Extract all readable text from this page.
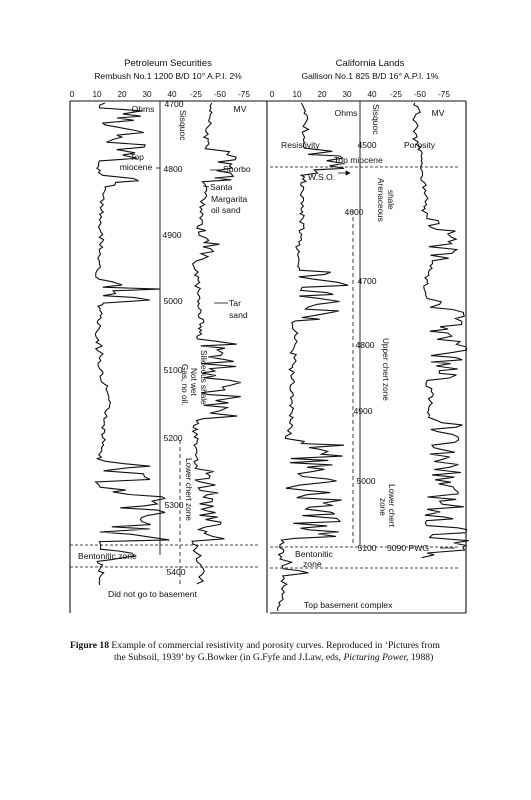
Petroleum Securities
Rembush No.1 1200 B/D 10° A.P.I. 2%
California Lands
Gallison No.1 825 B/D 16° A.P.I. 1%
0 10 20 30 40 -25 -50 -75 0 10 20 30 40 -25 -50 -75
Ohms	MV
Sisquoc
4700
4800
4900
5000
5100
5200
5300
5400
Top
miocene	Sporbo
Santa
Margarita
oil sand
Tar
sand
Gas, no oil. Not wet Siliceous shale
Lower chert zone
Bentonitic zone
Did not go to basement
Ohms	MV
Sisquoc
Resistivity	Porosity
4500
4600
4700
4800
4900
5000
5100
Top miocene
W.S.O.
Arenaceous shale
Upper chert zone
Lower chert
zone
5090 PWG
Bentonitic
zone
Top basement complex
Figure 18 Example of commercial resistivity and porosity curves. Reproduced in ‘Pictures from
the Subsoil, 1939’ by G.Bowker (in G.Fyfe and J.Law, eds, Picturing Power, 1988)
